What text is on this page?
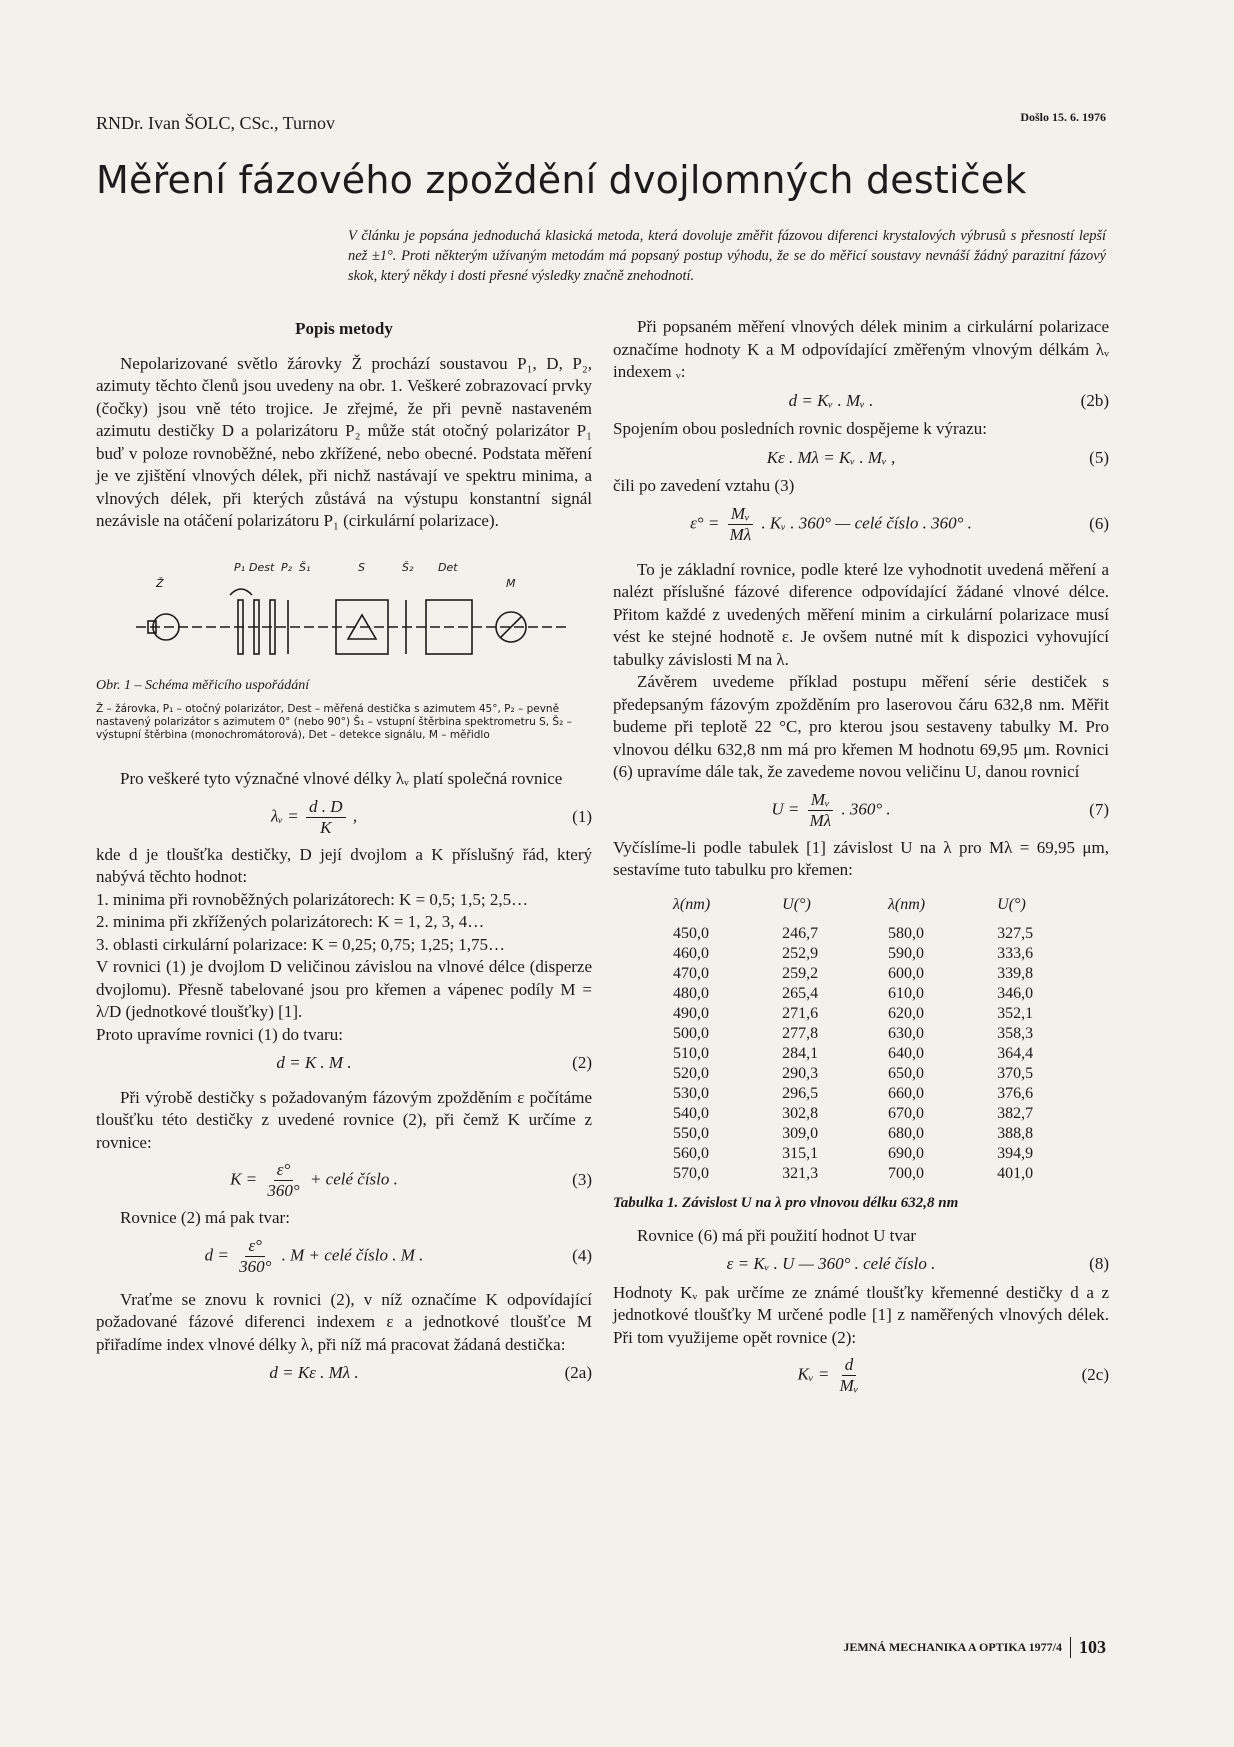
RNDr. Ivan ŠOLC, CSc., Turnov	Došlo 15. 6. 1976
Měření fázového zpoždění dvojlomných destiček
V článku je popsána jednoduchá klasická metoda, která dovoluje změřit fázovou diferenci krystalových výbrusů s přesností lepší než ±1°. Proti některým užívaným metodám má popsaný postup výhodu, že se do měřicí soustavy nevnáší žádný parazitní fázový skok, který někdy i dosti přesné výsledky značně znehodnotí.
Popis metody

Nepolarizované světlo žárovky Ž prochází soustavou P₁, D, P₂, azimuty těchto členů jsou uvedeny na obr. 1. Veškeré zobrazovací prvky (čočky) jsou vně této trojice. Je zřejmé, že při pevně nastaveném azimutu destičky D a polarizátoru P₂ může stát otočný polarizátor P₁ buď v poloze rovnoběžné, nebo zkřížené, nebo obecné. Podstata měření je ve zjištění vlnových délek, při nichž nastávají ve spektru minima, a vlnových délek, při kterých zůstává na výstupu konstantní signál nezávisle na otáčení polarizátoru P₁ (cirkulární polarizace).

Ž
P₁ Dest P₂ Š₁	S	Š₂ Det
M
Obr. 1 – Schéma měřicího uspořádání
Ž – žárovka, P₁ – otočný polarizátor, Dest – měřená destička s azimutem 45°, P₂ – pevně nastavený polarizátor s azimutem 0° (nebo 90°) Š₁ – vstupní štěrbina spektrometru S, Š₂ – výstupní štěrbina (monochromátorová), Det – detekce signálu, M – měřidlo

Pro veškeré tyto význačné vlnové délky λᵥ platí společná rovnice

λᵥ = $\frac{d . D}{K}$ ,	(1)

kde d je tloušťka destičky, D její dvojlom a K příslušný řád, který nabývá těchto hodnot:

1. minima při rovnoběžných polarizátorech: K = 0,5; 1,5; 2,5…

2. minima při zkřížených polarizátorech: K = 1, 2, 3, 4…

3. oblasti cirkulární polarizace: K = 0,25; 0,75; 1,25; 1,75…

V rovnici (1) je dvojlom D veličinou závislou na vlnové délce (disperze dvojlomu). Přesně tabelované jsou pro křemen a vápenec podíly M = λ/D (jednotkové tloušťky) [1].

Proto upravíme rovnici (1) do tvaru:

d = K . M .	(2)

Při výrobě destičky s požadovaným fázovým zpožděním ε počítáme tloušťku této destičky z uvedené rovnice (2), při čemž K určíme z rovnice:

$K = \frac{\varepsilon^\circ}{360^\circ}$ + celé číslo .	(3)

Rovnice (2) má pak tvar:

$d = \frac{\varepsilon^\circ}{360^\circ}$ . M + celé číslo . M .	(4)

Vraťme se znovu k rovnici (2), v níž označíme K odpovídající požadované fázové diferenci indexem ε a jednotkové tloušťce M přiřadíme index vlnové délky λ, při níž má pracovat žádaná destička:

d = Kε . Mλ .	(2a)

Při popsaném měření vlnových délek minim a cirkulární polarizace označíme hodnoty K a M odpovídající změřeným vlnovým délkám λᵥ indexem ᵥ:

d = Kᵥ . Mᵥ .	(2b)

Spojením obou posledních rovnic dospějeme k výrazu:

Kε . Mλ = Kᵥ . Mᵥ ,	(5)

čili po zavedení vztahu (3)

$\varepsilon^\circ = \frac{\text{Mᵥ}}{M\lambda}$ . Kᵥ . 360° — celé číslo . 360° .	(6)

To je základní rovnice, podle které lze vyhodnotit uvedená měření a nalézt příslušné fázové diference odpovídající žádané vlnové délce. Přitom každé z uvedených měření minim a cirkulární polarizace musí vést ke stejné hodnotě ε. Je ovšem nutné mít k dispozici vyhovující tabulky závislosti M na λ.

Závěrem uvedeme příklad postupu měření série destiček s předepsaným fázovým zpožděním pro laserovou čáru 632,8 nm. Měřit budeme při teplotě 22 °C, pro kterou jsou sestaveny tabulky M. Pro vlnovou délku 632,8 nm má pro křemen M hodnotu 69,95 μm. Rovnici (6) upravíme dále tak, že zavedeme novou veličinu U, danou rovnicí

$U = \frac{\text{Mᵥ}}{M\lambda}$ . 360° .	(7)

Vyčíslíme-li podle tabulek [1] závislost U na λ pro Mλ = 69,95 μm, sestavíme tuto tabulku pro křemen:

λ(nm)	U(°)	λ(nm)	U(°)
450,0	246,7	580,0	327,5
460,0	252,9	590,0	333,6
470,0	259,2	600,0	339,8
480,0	265,4	610,0	346,0
490,0	271,6	620,0	352,1
500,0	277,8	630,0	358,3
510,0	284,1	640,0	364,4
520,0	290,3	650,0	370,5
530,0	296,5	660,0	376,6
540,0	302,8	670,0	382,7
550,0	309,0	680,0	388,8
560,0	315,1	690,0	394,9
570,0	321,3	700,0	401,0
Tabulka 1. Závislost U na λ pro vlnovou délku 632,8 nm

Rovnice (6) má při použití hodnot U tvar

ε = Kᵥ . U — 360° . celé číslo .	(8)

Hodnoty Kᵥ pak určíme ze známé tloušťky křemenné destičky d a z jednotkové tloušťky M určené podle [1] z naměřených vlnových délek. Při tom využijeme opět rovnice (2):

Kᵥ = $\frac{d}{\text{Mᵥ}}$	(2c)
JEMNÁ MECHANIKA A OPTIKA 1977/4 103
